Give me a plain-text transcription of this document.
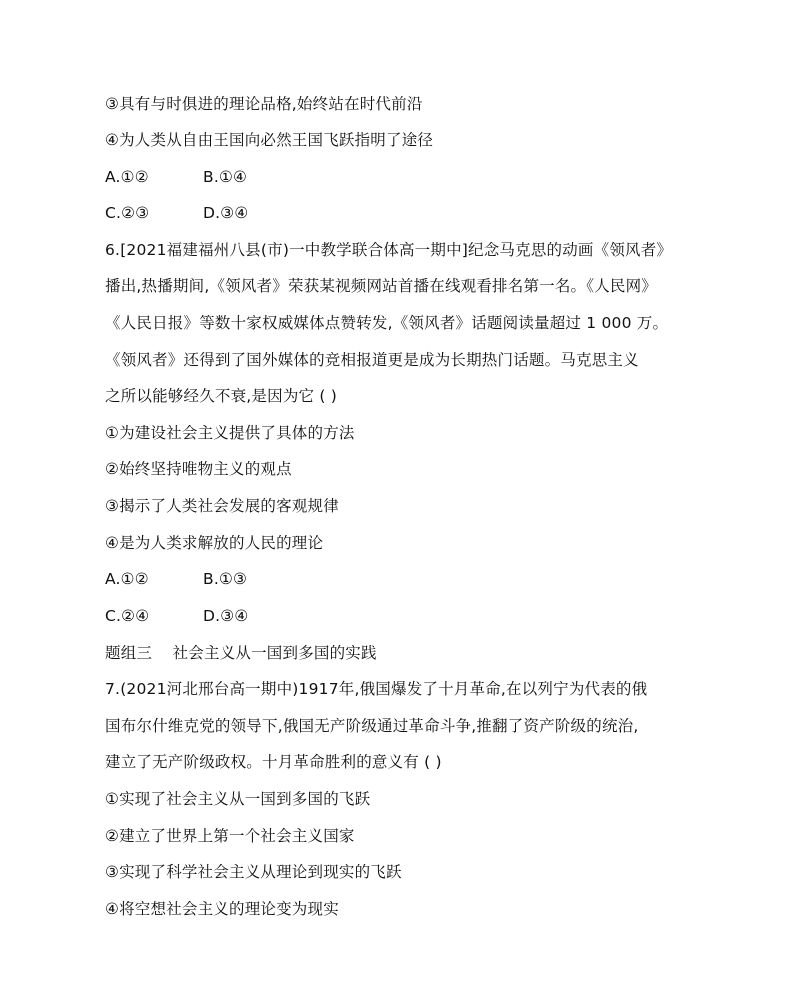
③具有与时俱进的理论品格,始终站在时代前沿
④为人类从自由王国向必然王国飞跃指明了途径
A.①②	B.①④
C.②③	D.③④
6.[2021福建福州八县(市)一中教学联合体高一期中]纪念马克思的动画《领风者》
播出,热播期间,《领风者》荣获某视频网站首播在线观看排名第一名。《人民网》
《人民日报》等数十家权威媒体点赞转发,《领风者》话题阅读量超过 1 000 万。
《领风者》还得到了国外媒体的竞相报道更是成为长期热门话题。马克思主义
之所以能够经久不衰,是因为它 ( )
①为建设社会主义提供了具体的方法
②始终坚持唯物主义的观点
③揭示了人类社会发展的客观规律
④是为人类求解放的人民的理论
A.①②	B.①③
C.②④	D.③④
题组三    社会主义从一国到多国的实践
7.(2021河北邢台高一期中)1917年,俄国爆发了十月革命,在以列宁为代表的俄
国布尔什维克党的领导下,俄国无产阶级通过革命斗争,推翻了资产阶级的统治,
建立了无产阶级政权。十月革命胜利的意义有 ( )
①实现了社会主义从一国到多国的飞跃
②建立了世界上第一个社会主义国家
③实现了科学社会主义从理论到现实的飞跃
④将空想社会主义的理论变为现实
